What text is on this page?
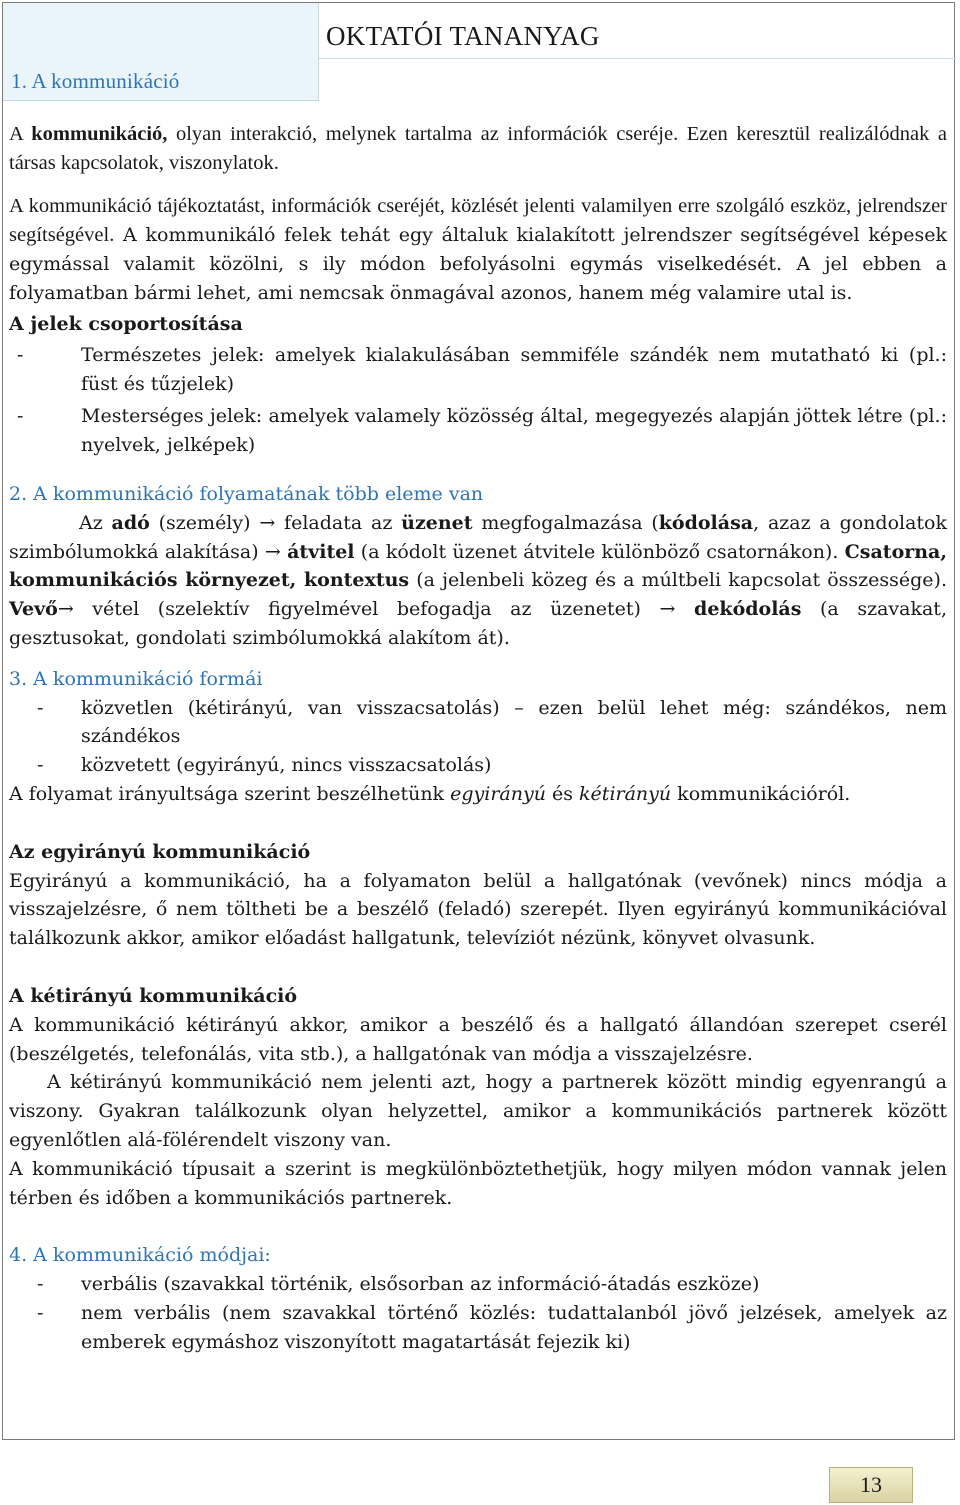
1. A kommunikáció
OKTATÓI TANANYAG

A kommunikáció, olyan interakció, melynek tartalma az információk cseréje. Ezen keresztül realizálódnak a társas kapcsolatok, viszonylatok.

A kommunikáció tájékoztatást, információk cseréjét, közlését jelenti valamilyen erre szolgáló eszköz, jelrendszer segítségével. A kommunikáló felek tehát egy általuk kialakított jelrendszer segítségével képesek egymással valamit közölni, s ily módon befolyásolni egymás viselkedését. A jel ebben a folyamatban bármi lehet, ami nemcsak önmagával azonos, hanem még valamire utal is.

A jelek csoportosítása

-	Természetes jelek: amelyek kialakulásában semmiféle szándék nem mutatható ki (pl.: füst és tűzjelek)
-	Mesterséges jelek: amelyek valamely közösség által, megegyezés alapján jöttek létre (pl.: nyelvek, jelképek)

2. A kommunikáció folyamatának több eleme van

Az adó (személy) → feladata az üzenet megfogalmazása (kódolása, azaz a gondolatok szimbólumokká alakítása) → átvitel (a kódolt üzenet átvitele különböző csatornákon). Csatorna, kommunikációs környezet, kontextus (a jelenbeli közeg és a múltbeli kapcsolat összessége). Vevő→ vétel (szelektív figyelmével befogadja az üzenetet) → dekódolás (a szavakat, gesztusokat, gondolati szimbólumokká alakítom át).

3. A kommunikáció formái

- közvetlen (kétirányú, van visszacsatolás) – ezen belül lehet még: szándékos, nem szándékos
- közvetett (egyirányú, nincs visszacsatolás)

A folyamat irányultsága szerint beszélhetünk egyirányú és kétirányú kommunikációról.

Az egyirányú kommunikáció

Egyirányú a kommunikáció, ha a folyamaton belül a hallgatónak (vevőnek) nincs módja a visszajelzésre, ő nem töltheti be a beszélő (feladó) szerepét. Ilyen egyirányú kommunikációval találkozunk akkor, amikor előadást hallgatunk, televíziót nézünk, könyvet olvasunk.

A kétirányú kommunikáció

A kommunikáció kétirányú akkor, amikor a beszélő és a hallgató állandóan szerepet cserél (beszélgetés, telefonálás, vita stb.), a hallgatónak van módja a visszajelzésre.

A kétirányú kommunikáció nem jelenti azt, hogy a partnerek között mindig egyenrangú a viszony. Gyakran találkozunk olyan helyzettel, amikor a kommunikációs partnerek között egyenlőtlen alá-fölérendelt viszony van.

A kommunikáció típusait a szerint is megkülönböztethetjük, hogy milyen módon vannak jelen térben és időben a kommunikációs partnerek.

4. A kommunikáció módjai:

- verbális (szavakkal történik, elsősorban az információ-átadás eszköze)
- nem verbális (nem szavakkal történő közlés: tudattalanból jövő jelzések, amelyek az emberek egymáshoz viszonyított magatartását fejezik ki)
13
